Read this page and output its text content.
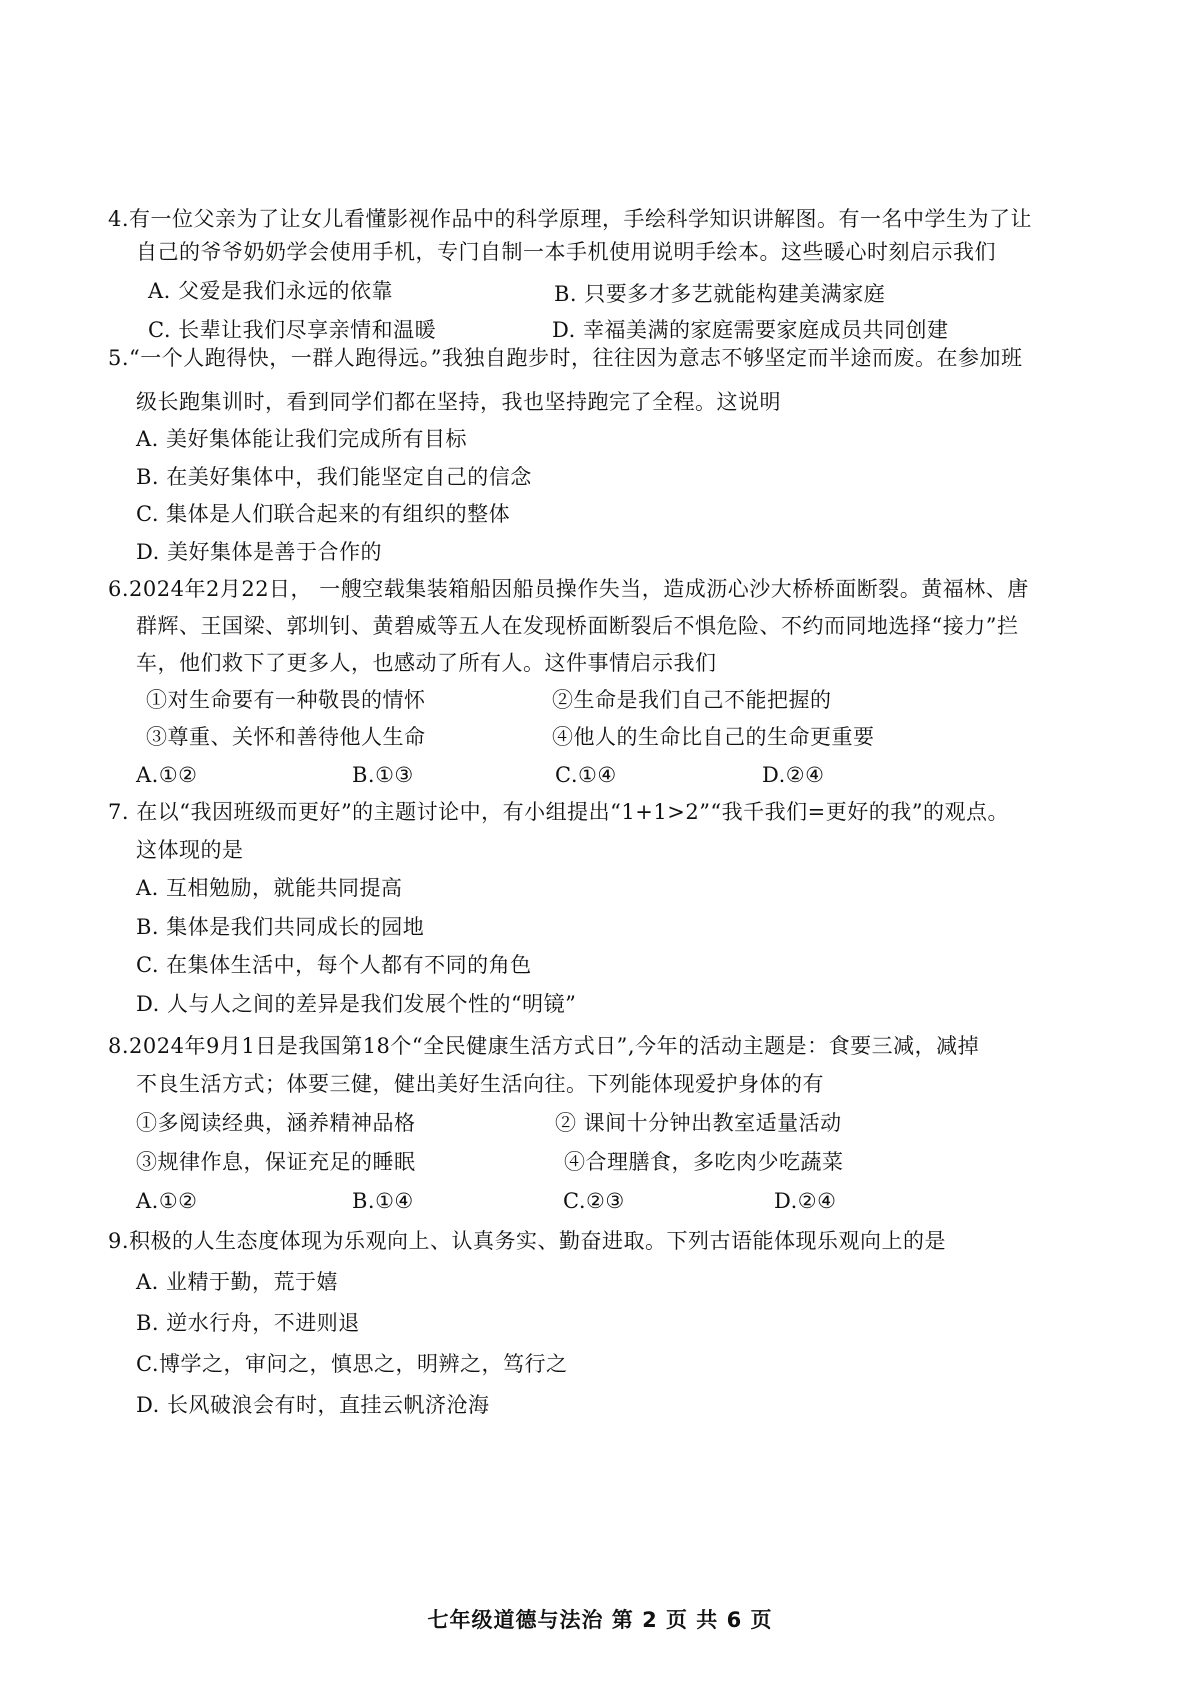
4.有一位父亲为了让女儿看懂影视作品中的科学原理，手绘科学知识讲解图。有一名中学生为了让
自己的爷爷奶奶学会使用手机，专门自制一本手机使用说明手绘本。这些暖心时刻启示我们
A. 父爱是我们永远的依靠	B. 只要多才多艺就能构建美满家庭
C. 长辈让我们尽享亲情和温暖	D. 幸福美满的家庭需要家庭成员共同创建
5.“一个人跑得快，一群人跑得远。”我独自跑步时，往往因为意志不够坚定而半途而废。在参加班
级长跑集训时，看到同学们都在坚持，我也坚持跑完了全程。这说明
A. 美好集体能让我们完成所有目标
B. 在美好集体中，我们能坚定自己的信念
C. 集体是人们联合起来的有组织的整体
D. 美好集体是善于合作的
6.2024年2月22日， 一艘空载集装箱船因船员操作失当，造成沥心沙大桥桥面断裂。黄福林、唐
群辉、王国梁、郭圳钊、黄碧威等五人在发现桥面断裂后不惧危险、不约而同地选择“接力”拦
车，他们救下了更多人，也感动了所有人。这件事情启示我们
①对生命要有一种敬畏的情怀	②生命是我们自己不能把握的
③尊重、关怀和善待他人生命	④他人的生命比自己的生命更重要
A.①②	B.①③	C.①④	D.②④
7. 在以“我因班级而更好”的主题讨论中，有小组提出“1+1>2”“我千我们=更好的我”的观点。
这体现的是
A. 互相勉励，就能共同提高
B. 集体是我们共同成长的园地
C. 在集体生活中，每个人都有不同的角色
D. 人与人之间的差异是我们发展个性的“明镜”
8.2024年9月1日是我国第18个“全民健康生活方式日”,今年的活动主题是：食要三减，减掉
不良生活方式；体要三健，健出美好生活向往。下列能体现爱护身体的有
①多阅读经典，涵养精神品格	② 课间十分钟出教室适量活动
③规律作息，保证充足的睡眠	④合理膳食，多吃肉少吃蔬菜
A.①②	B.①④	C.②③	D.②④
9.积极的人生态度体现为乐观向上、认真务实、勤奋进取。下列古语能体现乐观向上的是
A. 业精于勤，荒于嬉
B. 逆水行舟，不进则退
C.博学之，审问之，慎思之，明辨之，笃行之
D. 长风破浪会有时，直挂云帆济沧海
七年级道德与法治 第 2 页 共 6 页
